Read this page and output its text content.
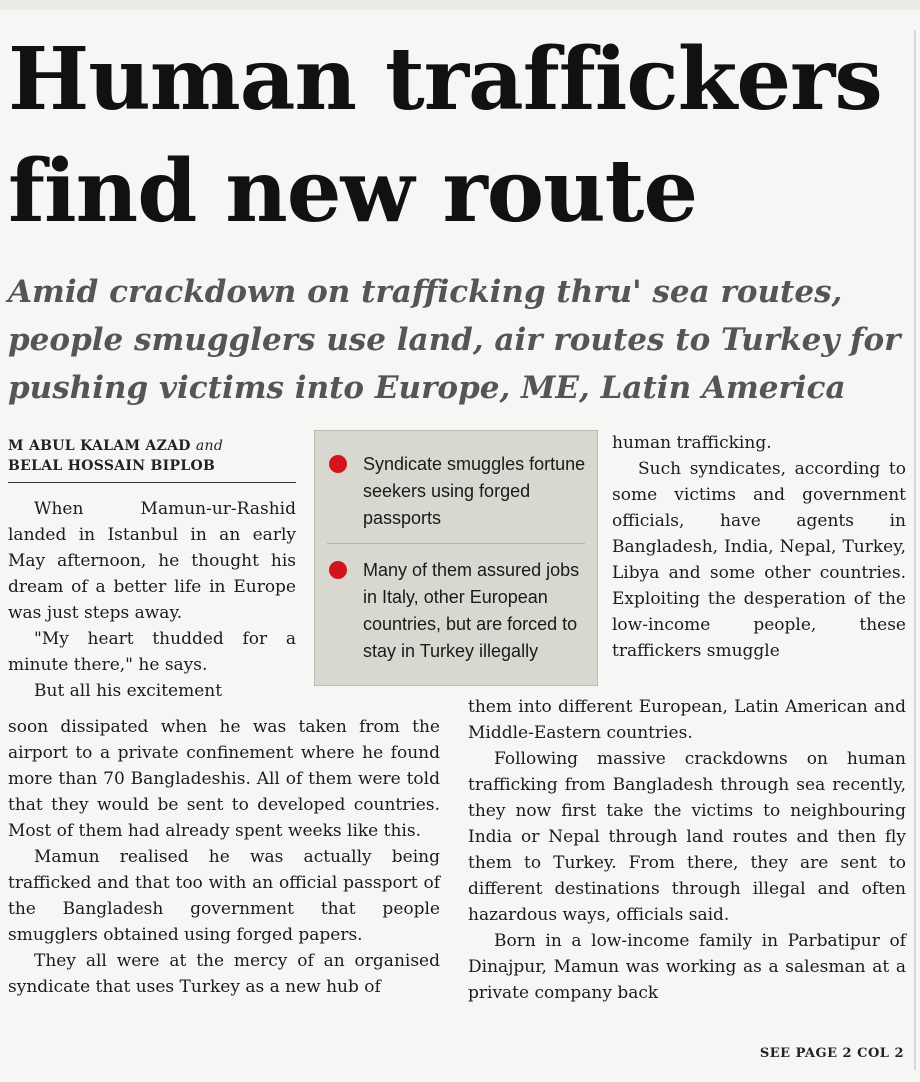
Human traffickers find new route
Amid crackdown on trafficking thru' sea routes, people smugglers use land, air routes to Turkey for pushing victims into Europe, ME, Latin America
M ABUL KALAM AZAD and
BELAL HOSSAIN BIPLOB	Syndicate smuggles fortune seekers using forged passports
Many of them assured jobs in Italy, other European countries, but are forced to stay in Turkey illegally

When Mamun-ur-Rashid landed in Istanbul in an early May afternoon, he thought his dream of a better life in Europe was just steps away.

"My heart thudded for a minute there," he says.

But all his excitement

soon dissipated when he was taken from the airport to a private confinement where he found more than 70 Bangladeshis. All of them were told that they would be sent to developed countries. Most of them had already spent weeks like this.

Mamun realised he was actually being trafficked and that too with an official passport of the Bangladesh government that people smugglers obtained using forged papers.

They all were at the mercy of an organised syndicate that uses Turkey as a new hub of

human trafficking.

Such syndicates, according to some victims and government officials, have agents in Bangladesh, India, Nepal, Turkey, Libya and some other countries. Exploiting the desperation of the low-income people, these traffickers smuggle

them into different European, Latin American and Middle-Eastern countries.

Following massive crackdowns on human trafficking from Bangladesh through sea recently, they now first take the victims to neighbouring India or Nepal through land routes and then fly them to Turkey. From there, they are sent to different destinations through illegal and often hazardous ways, officials said.

Born in a low-income family in Parbatipur of Dinajpur, Mamun was working as a salesman at a private company back

SEE PAGE 2 COL 2
